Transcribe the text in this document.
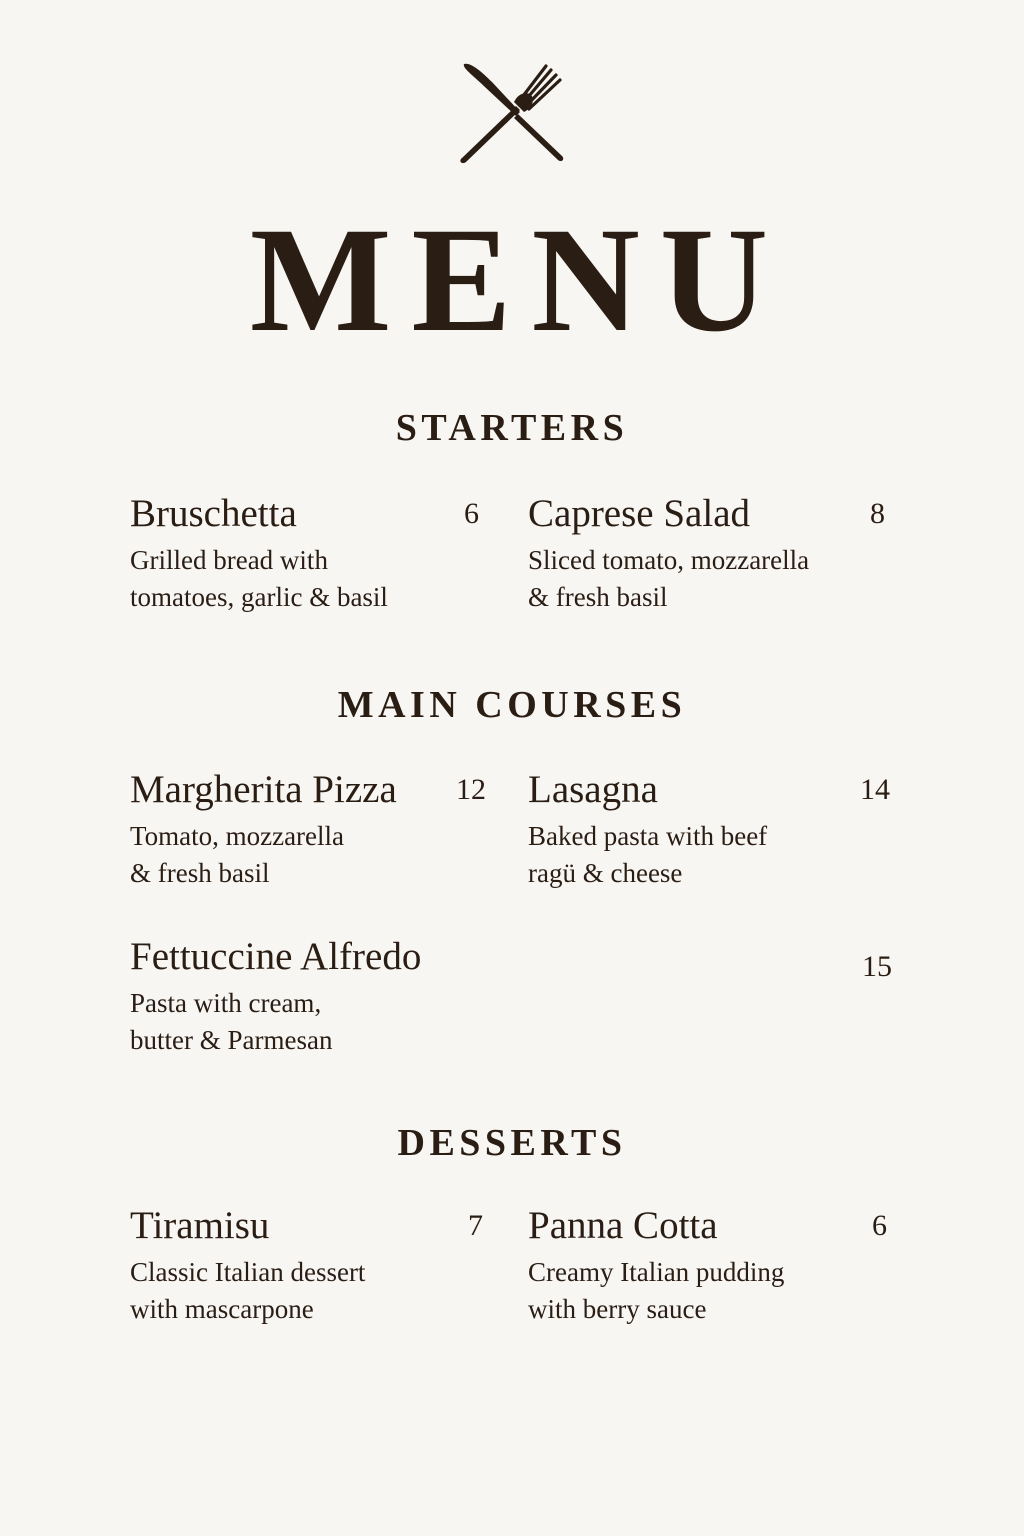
MENU
STARTERS
Bruschetta	6
Grilled bread with
tomatoes, garlic & basil
Caprese Salad	8
Sliced tomato, mozzarella
& fresh basil
MAIN COURSES
Margherita Pizza	12
Tomato, mozzarella
& fresh basil
Lasagna	14
Baked pasta with beef
ragü & cheese
Fettuccine Alfredo	15
Pasta with cream,
butter & Parmesan
DESSERTS
Tiramisu	7
Classic Italian dessert
with mascarpone
Panna Cotta	6
Creamy Italian pudding
with berry sauce
